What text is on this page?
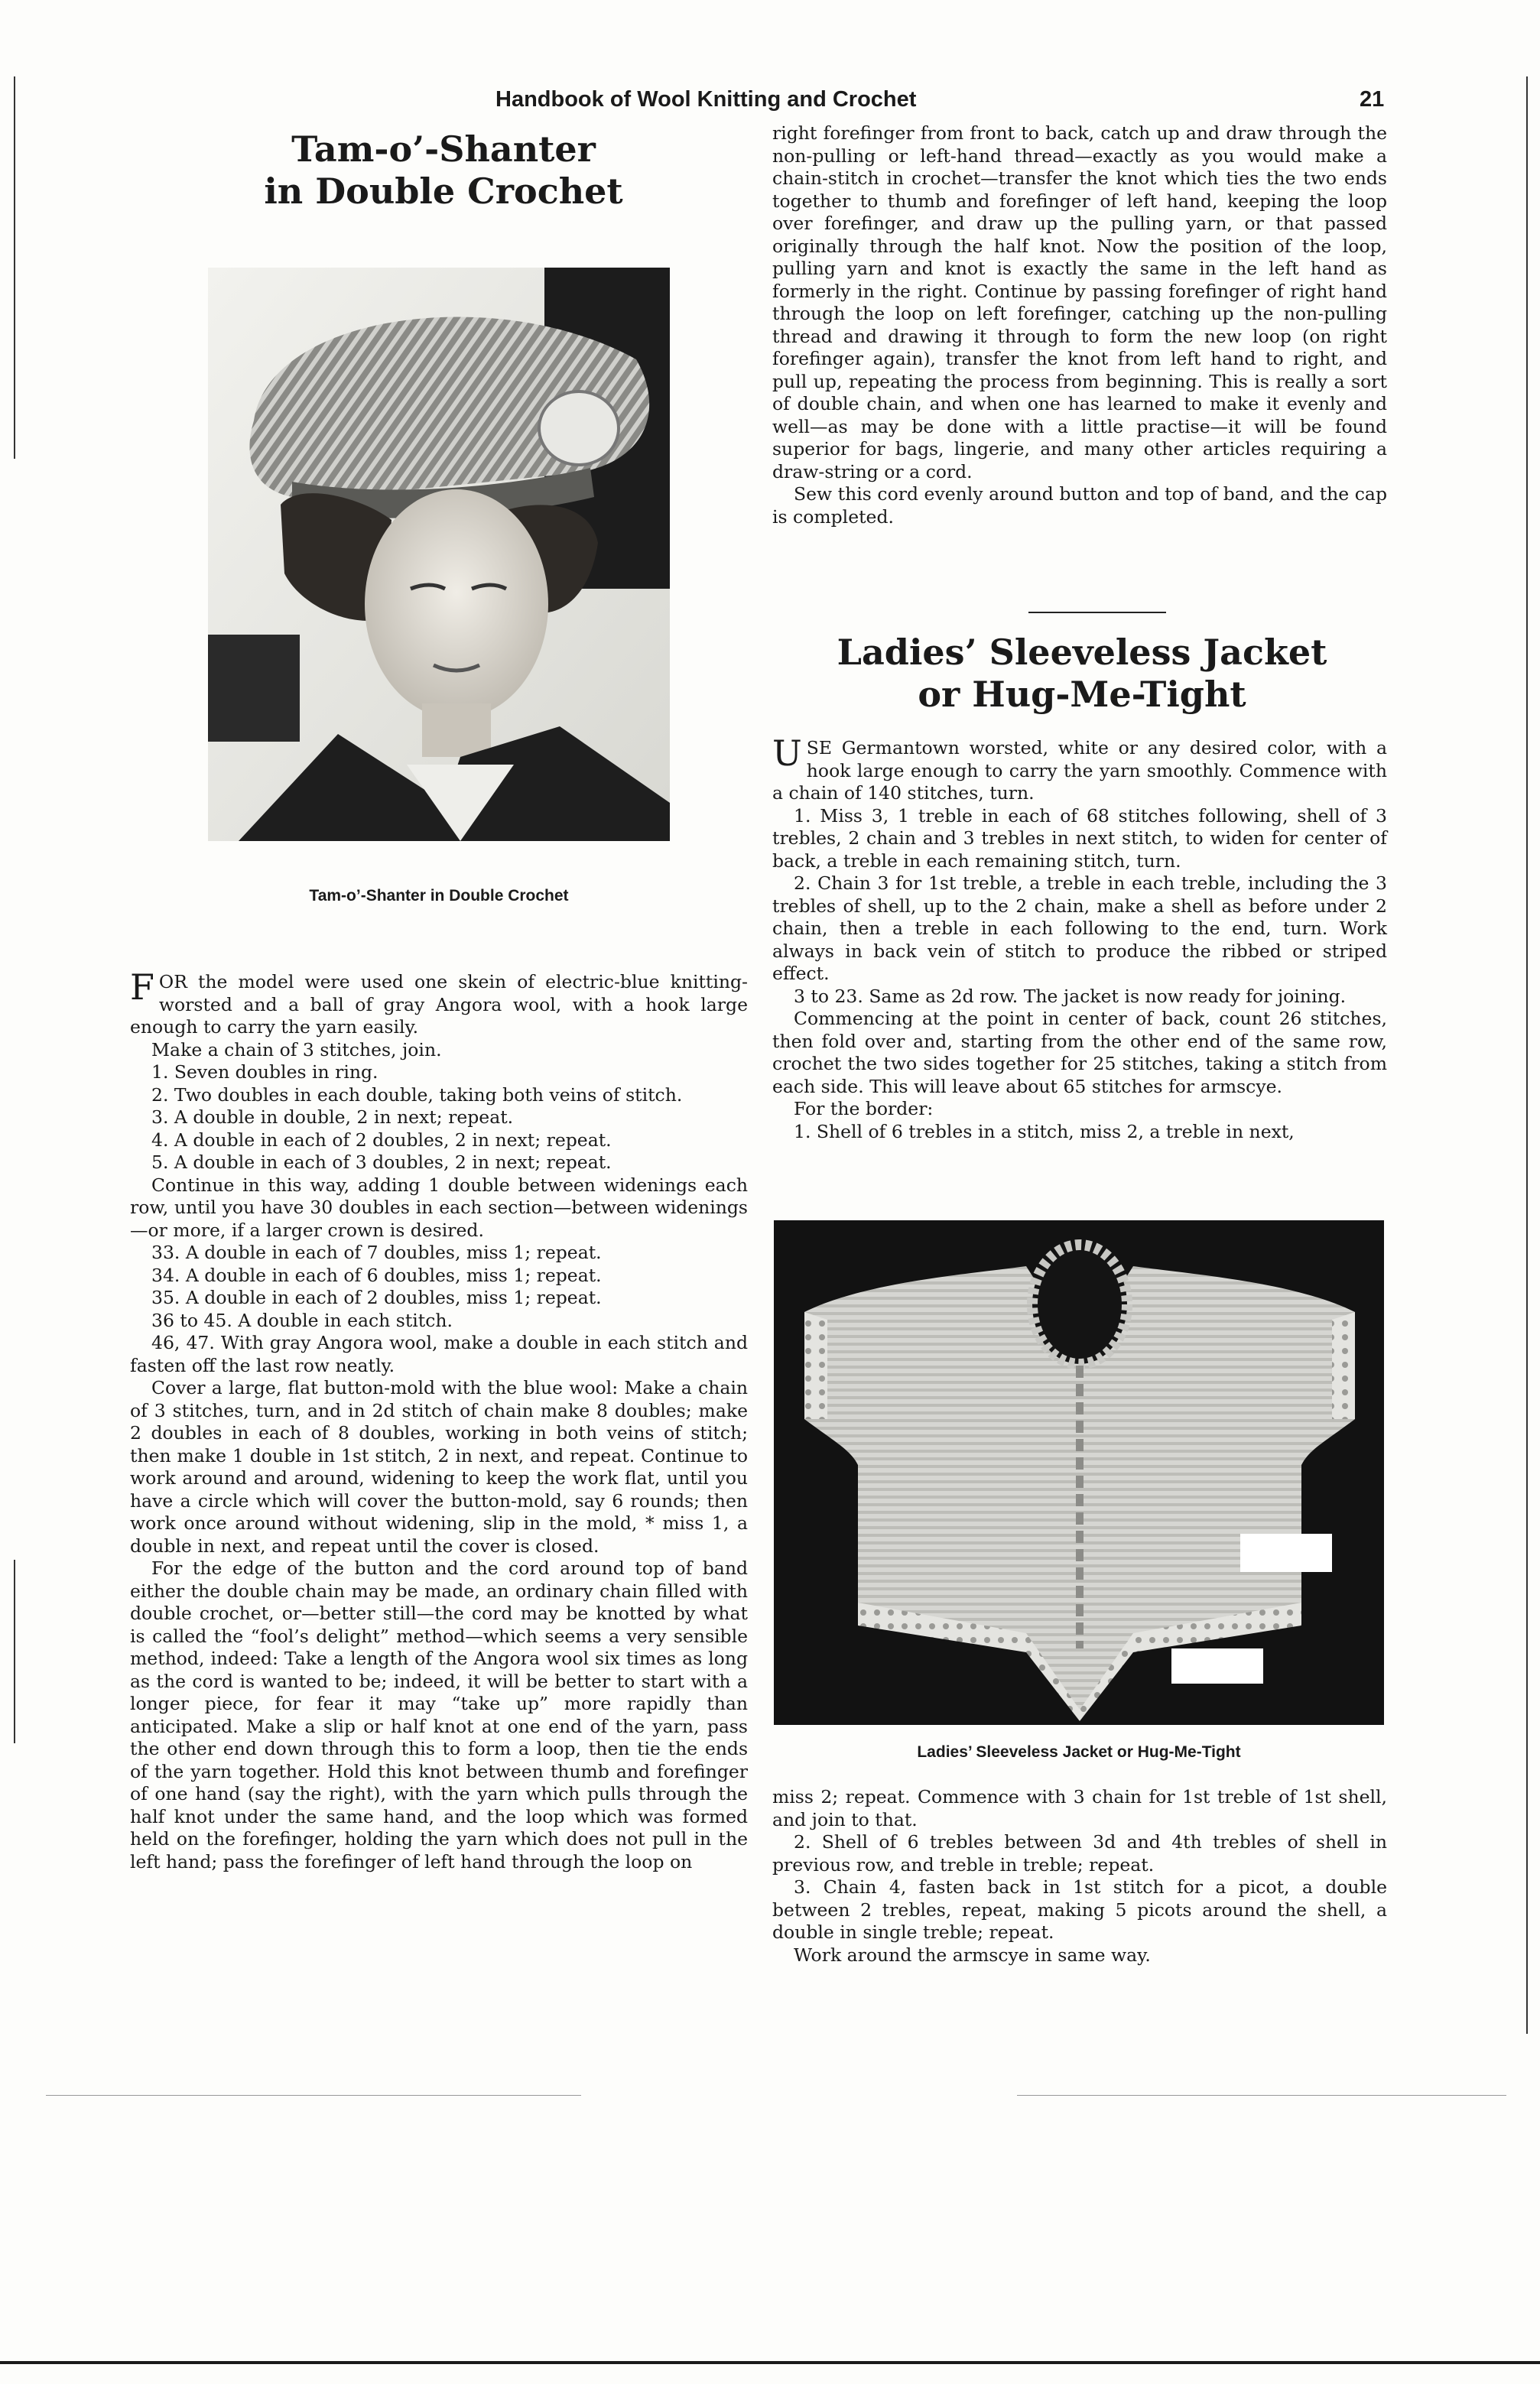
Handbook of Wool Knitting and Crochet	21
Tam-o’-Shanter
in Double Crochet
Tam-o’-Shanter in Double Crochet

FOR the model were used one skein of electric-blue knitting-worsted and a ball of gray Angora wool, with a hook large enough to carry the yarn easily.

Make a chain of 3 stitches, join.

1. Seven doubles in ring.

2. Two doubles in each double, taking both veins of stitch.

3. A double in double, 2 in next; repeat.

4. A double in each of 2 doubles, 2 in next; repeat.

5. A double in each of 3 doubles, 2 in next; repeat.

Continue in this way, adding 1 double between widenings each row, until you have 30 doubles in each section—between widenings—or more, if a larger crown is desired.

33. A double in each of 7 doubles, miss 1; repeat.

34. A double in each of 6 doubles, miss 1; repeat.

35. A double in each of 2 doubles, miss 1; repeat.

36 to 45. A double in each stitch.

46, 47. With gray Angora wool, make a double in each stitch and fasten off the last row neatly.

Cover a large, flat button-mold with the blue wool: Make a chain of 3 stitches, turn, and in 2d stitch of chain make 8 doubles; make 2 doubles in each of 8 doubles, working in both veins of stitch; then make 1 double in 1st stitch, 2 in next, and repeat. Continue to work around and around, widening to keep the work flat, until you have a circle which will cover the button-mold, say 6 rounds; then work once around without widening, slip in the mold, * miss 1, a double in next, and repeat until the cover is closed.

For the edge of the button and the cord around top of band either the double chain may be made, an ordinary chain filled with double crochet, or—better still—the cord may be knotted by what is called the “fool’s delight” method—which seems a very sensible method, indeed: Take a length of the Angora wool six times as long as the cord is wanted to be; indeed, it will be better to start with a longer piece, for fear it may “take up” more rapidly than anticipated. Make a slip or half knot at one end of the yarn, pass the other end down through this to form a loop, then tie the ends of the yarn together. Hold this knot between thumb and forefinger of one hand (say the right), with the yarn which pulls through the half knot under the same hand, and the loop which was formed held on the forefinger, holding the yarn which does not pull in the left hand; pass the forefinger of left hand through the loop on

right forefinger from front to back, catch up and draw through the non-pulling or left-hand thread—exactly as you would make a chain-stitch in crochet—transfer the knot which ties the two ends together to thumb and forefinger of left hand, keeping the loop over forefinger, and draw up the pulling yarn, or that passed originally through the half knot. Now the position of the loop, pulling yarn and knot is exactly the same in the left hand as formerly in the right. Continue by passing forefinger of right hand through the loop on left forefinger, catching up the non-pulling thread and drawing it through to form the new loop (on right forefinger again), transfer the knot from left hand to right, and pull up, repeating the process from beginning. This is really a sort of double chain, and when one has learned to make it evenly and well—as may be done with a little practise—it will be found superior for bags, lingerie, and many other articles requiring a draw-string or a cord.

Sew this cord evenly around button and top of band, and the cap is completed.

Ladies’ Sleeveless Jacket
or Hug-Me-Tight

USE Germantown worsted, white or any desired color, with a hook large enough to carry the yarn smoothly. Commence with a chain of 140 stitches, turn.

1. Miss 3, 1 treble in each of 68 stitches following, shell of 3 trebles, 2 chain and 3 trebles in next stitch, to widen for center of back, a treble in each remaining stitch, turn.

2. Chain 3 for 1st treble, a treble in each treble, including the 3 trebles of shell, up to the 2 chain, make a shell as before under 2 chain, then a treble in each following to the end, turn. Work always in back vein of stitch to produce the ribbed or striped effect.

3 to 23. Same as 2d row. The jacket is now ready for joining.

Commencing at the point in center of back, count 26 stitches, then fold over and, starting from the other end of the same row, crochet the two sides together for 25 stitches, taking a stitch from each side. This will leave about 65 stitches for armscye.

For the border:

1. Shell of 6 trebles in a stitch, miss 2, a treble in next,

Ladies’ Sleeveless Jacket or Hug-Me-Tight

miss 2; repeat. Commence with 3 chain for 1st treble of 1st shell, and join to that.

2. Shell of 6 trebles between 3d and 4th trebles of shell in previous row, and treble in treble; repeat.

3. Chain 4, fasten back in 1st stitch for a picot, a double between 2 trebles, repeat, making 5 picots around the shell, a double in single treble; repeat.

Work around the armscye in same way.
